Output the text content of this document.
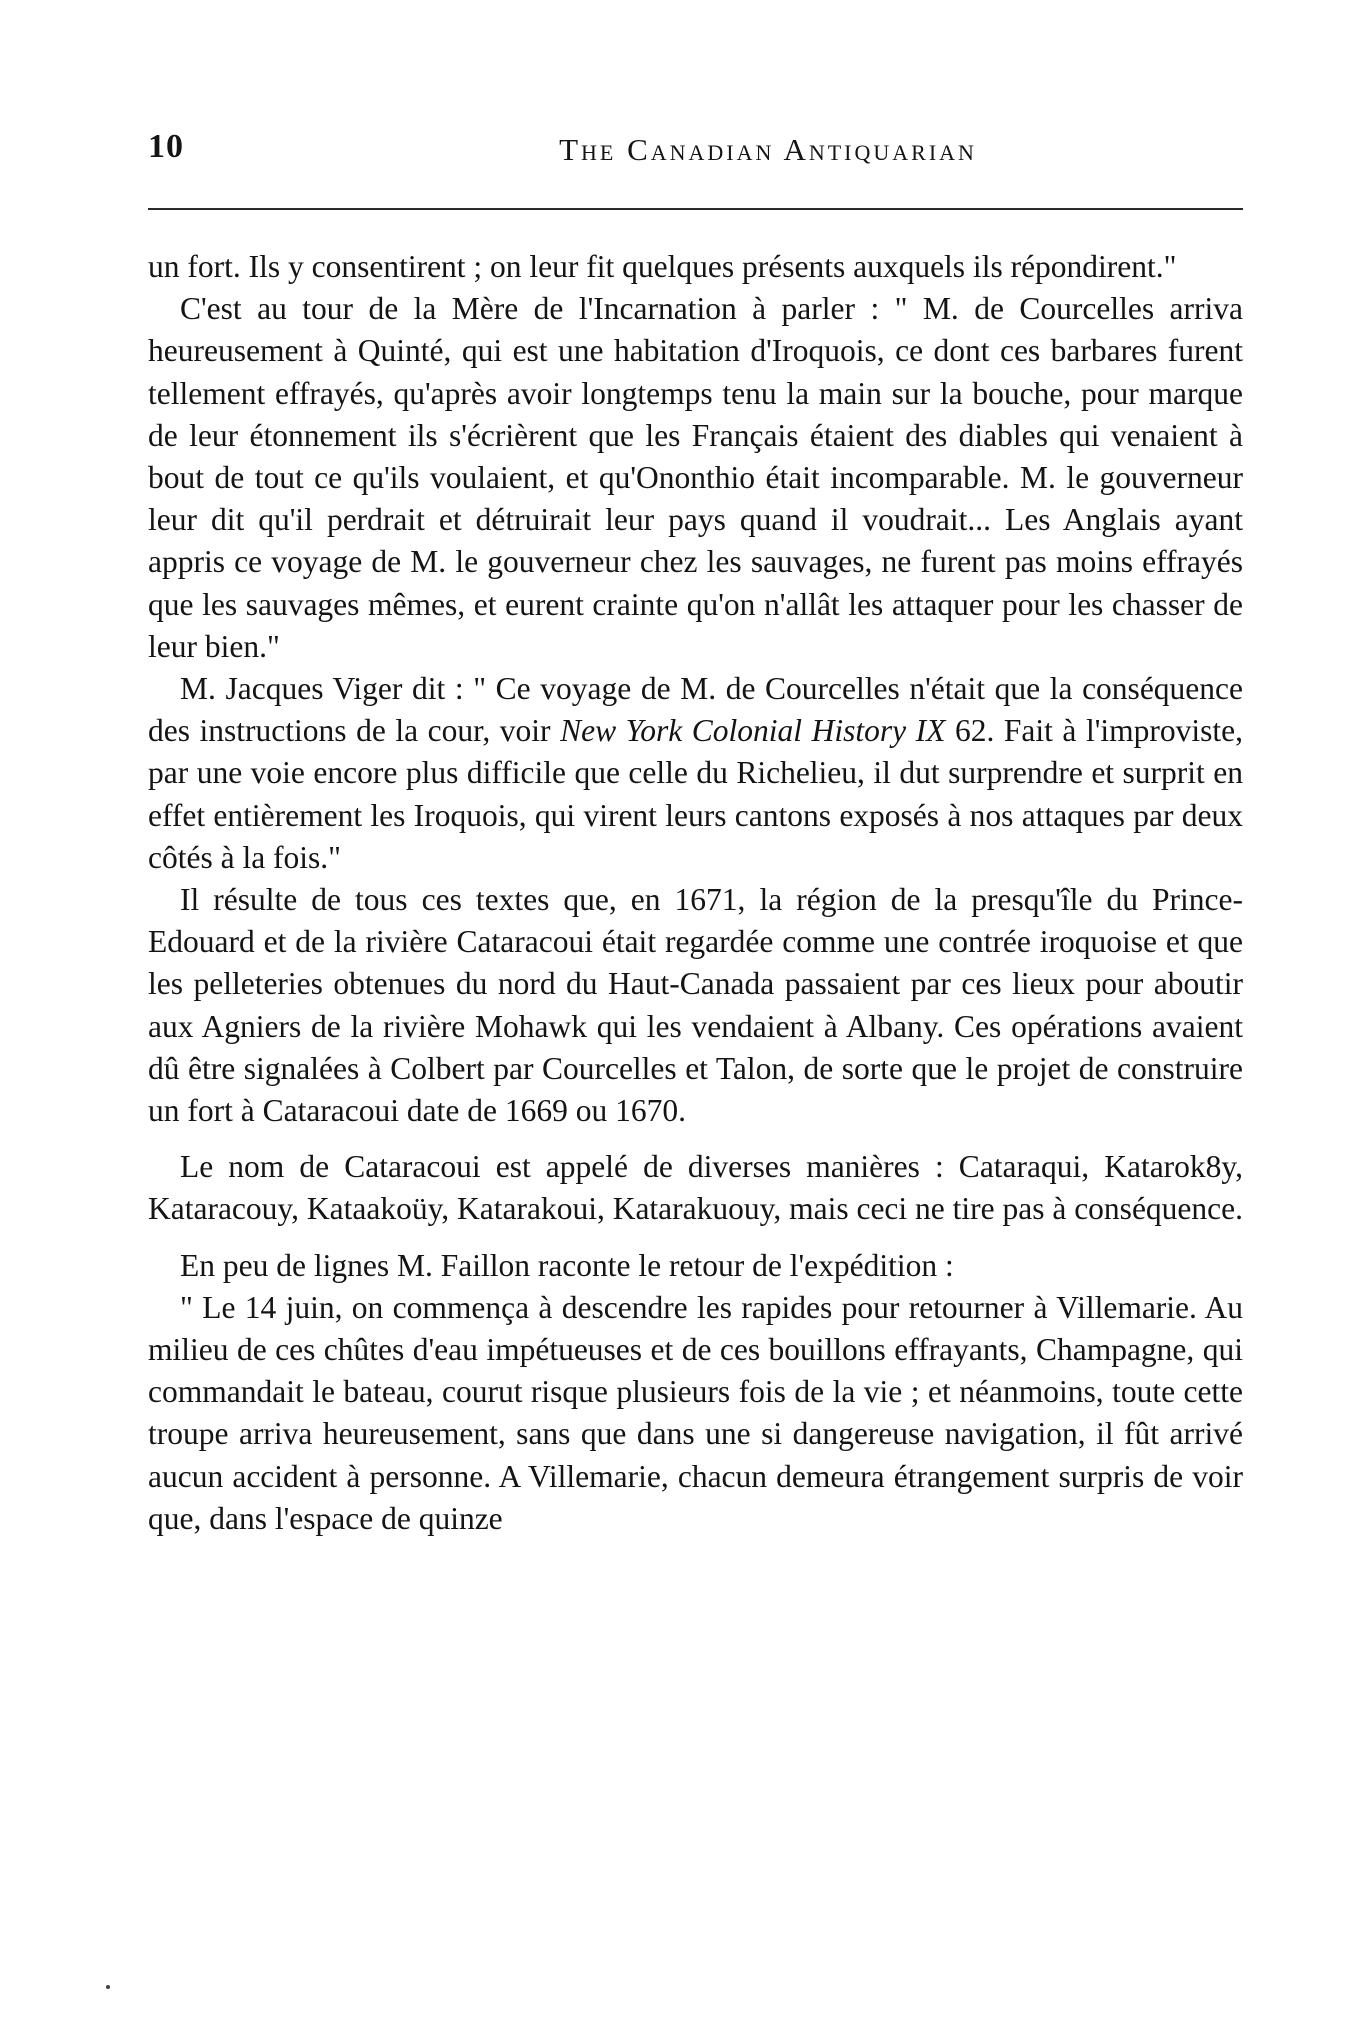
10	The Canadian Antiquarian

un fort. Ils y consentirent ; on leur fit quelques présents auxquels ils répondirent."

C'est au tour de la Mère de l'Incarnation à parler : " M. de Courcelles arriva heureusement à Quinté, qui est une habitation d'Iroquois, ce dont ces barbares furent tellement effrayés, qu'après avoir longtemps tenu la main sur la bouche, pour marque de leur étonnement ils s'écrièrent que les Français étaient des diables qui venaient à bout de tout ce qu'ils voulaient, et qu'Ononthio était incomparable. M. le gouverneur leur dit qu'il perdrait et détruirait leur pays quand il voudrait... Les Anglais ayant appris ce voyage de M. le gouverneur chez les sauvages, ne furent pas moins effrayés que les sauvages mêmes, et eurent crainte qu'on n'allât les attaquer pour les chasser de leur bien."

M. Jacques Viger dit : " Ce voyage de M. de Courcelles n'était que la conséquence des instructions de la cour, voir New York Colonial History IX 62. Fait à l'improviste, par une voie encore plus difficile que celle du Richelieu, il dut surprendre et surprit en effet entièrement les Iroquois, qui virent leurs cantons exposés à nos attaques par deux côtés à la fois."

Il résulte de tous ces textes que, en 1671, la région de la presqu'île du Prince-Edouard et de la rivière Cataracoui était regardée comme une contrée iroquoise et que les pelleteries obtenues du nord du Haut-Canada passaient par ces lieux pour aboutir aux Agniers de la rivière Mohawk qui les vendaient à Albany. Ces opérations avaient dû être signalées à Colbert par Courcelles et Talon, de sorte que le projet de construire un fort à Cataracoui date de 1669 ou 1670.

Le nom de Cataracoui est appelé de diverses manières : Cataraqui, Katarok8y, Kataracouy, Kataakoüy, Katarakoui, Katarakuouy, mais ceci ne tire pas à conséquence.

En peu de lignes M. Faillon raconte le retour de l'expédition :

" Le 14 juin, on commença à descendre les rapides pour retourner à Villemarie. Au milieu de ces chûtes d'eau impétueuses et de ces bouillons effrayants, Champagne, qui commandait le bateau, courut risque plusieurs fois de la vie ; et néanmoins, toute cette troupe arriva heureusement, sans que dans une si dangereuse navigation, il fût arrivé aucun accident à personne. A Villemarie, chacun demeura étrangement surpris de voir que, dans l'espace de quinze
